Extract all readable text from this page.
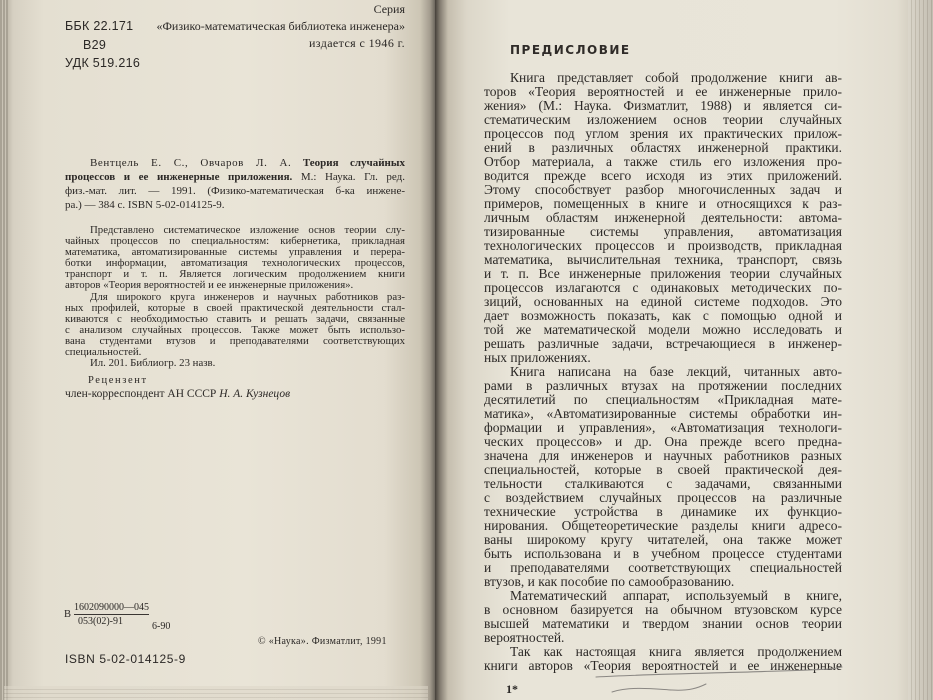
Серия
«Физико-математическая библиотека инженера»
издается с 1946 г.
ББК 22.171
В29
УДК 519.216
Вентцель Е. С., Овчаров Л. А. Теория случайных
процессов и ее инженерные приложения. М.: Наука. Гл. ред.
физ.-мат. лит. — 1991. (Физико-математическая б-ка инжене-
ра.) — 384 с. ISBN 5-02-014125-9.
Представлено систематическое изложение основ теории слу-
чайных процессов по специальностям: кибернетика, прикладная
математика, автоматизированные системы управления и перера-
ботки информации, автоматизация технологических процессов,
транспорт и т. п. Является логическим продолжением книги
авторов «Теория вероятностей и ее инженерные приложения».
Для широкого круга инженеров и научных работников раз-
ных профилей, которые в своей практической деятельности стал-
киваются с необходимостью ставить и решать задачи, связанные
с анализом случайных процессов. Также может быть использо-
вана студентами втузов и преподавателями соответствующих
специальностей.
Ил. 201. Библиогр. 23 назв.
Рецензент
член-корреспондент АН СССР Н. А. Кузнецов
В
1602090000—045
053(02)-91	6-90
© «Наука». Физматлит, 1991
ISBN 5-02-014125-9
ПРЕДИСЛОВИЕ
Книга представляет собой продолжение книги ав-
торов «Теория вероятностей и ее инженерные прило-
жения» (М.: Наука. Физматлит, 1988) и является си-
стематическим изложением основ теории случайных
процессов под углом зрения их практических прилож-
ений в различных областях инженерной практики.
Отбор материала, а также стиль его изложения про-
водится прежде всего исходя из этих приложений.
Этому способствует разбор многочисленных задач и
примеров, помещенных в книге и относящихся к раз-
личным областям инженерной деятельности: автома-
тизированные системы управления, автоматизация
технологических процессов и производств, прикладная
математика, вычислительная техника, транспорт, связь
и т. п. Все инженерные приложения теории случайных
процессов излагаются с одинаковых методических по-
зиций, основанных на единой системе подходов. Это
дает возможность показать, как с помощью одной и
той же математической модели можно исследовать и
решать различные задачи, встречающиеся в инженер-
ных приложениях.
Книга написана на базе лекций, читанных авто-
рами в различных втузах на протяжении последних
десятилетий по специальностям «Прикладная мате-
матика», «Автоматизированные системы обработки ин-
формации и управления», «Автоматизация технологи-
ческих процессов» и др. Она прежде всего предна-
значена для инженеров и научных работников разных
специальностей, которые в своей практической дея-
тельности сталкиваются с задачами, связанными
с воздействием случайных процессов на различные
технические устройства в динамике их функцио-
нирования. Общетеоретические разделы книги адресо-
ваны широкому кругу читателей, она также может
быть использована и в учебном процессе студентами
и преподавателями соответствующих специальностей
втузов, и как пособие по самообразованию.
Математический аппарат, используемый в книге,
в основном базируется на обычном втузовском курсе
высшей математики и твердом знании основ теории
вероятностей.
Так как настоящая книга является продолжением
книги авторов «Теория вероятностей и ее инженерные
1*
